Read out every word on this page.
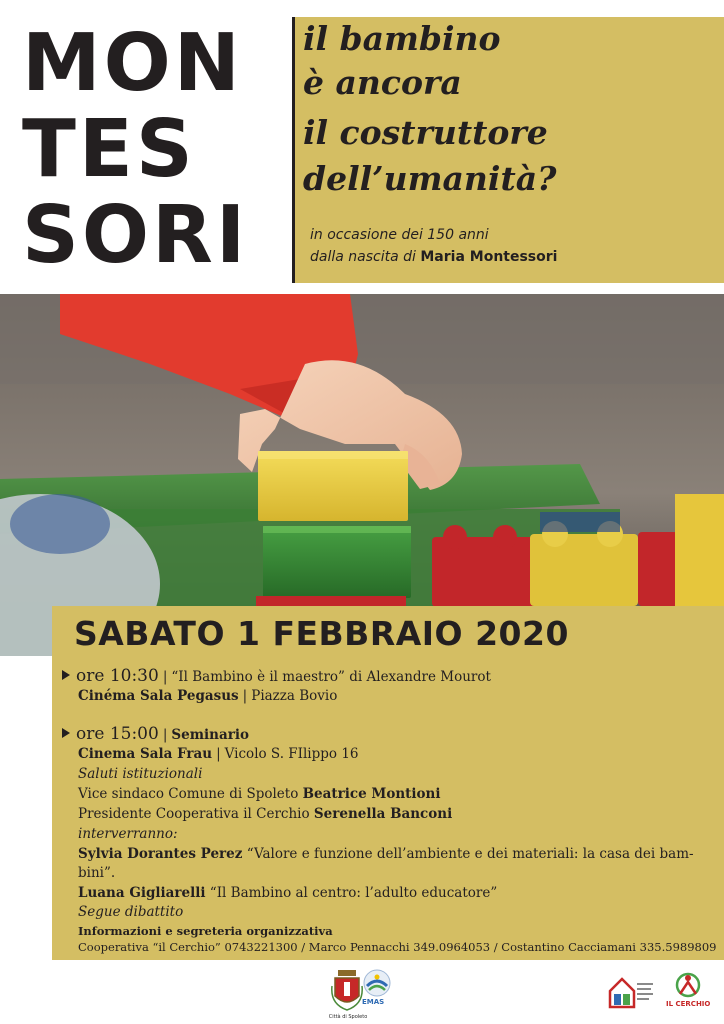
MON
TES
SORI
il bambino
è ancora
il costruttore
dell’umanità?
in occasione dei 150 anni
dalla nascita di Maria Montessori
SABATO 1 FEBBRAIO 2020
ore 10:30 | “Il Bambino è il maestro” di Alexandre Mourot
Cinéma Sala Pegasus | Piazza Bovio
ore 15:00 | Seminario
Cinema Sala Frau | Vicolo S. FIlippo 16
Saluti istituzionali
Vice sindaco Comune di Spoleto Beatrice Montioni
Presidente Cooperativa il Cerchio Serenella Banconi
interverranno:
Sylvia Dorantes Perez “Valore e funzione dell’ambiente e dei materiali: la casa dei bam-
bini”.
Luana Gigliarelli “Il Bambino al centro: l’adulto educatore”
Segue dibattito
Informazioni e segreteria organizzativa
Cooperativa “il Cerchio” 0743221300 / Marco Pennacchi 349.0964053 / Costantino Cacciamani 335.5989809
Città di Spoleto
EMAS	IL CERCHIO
